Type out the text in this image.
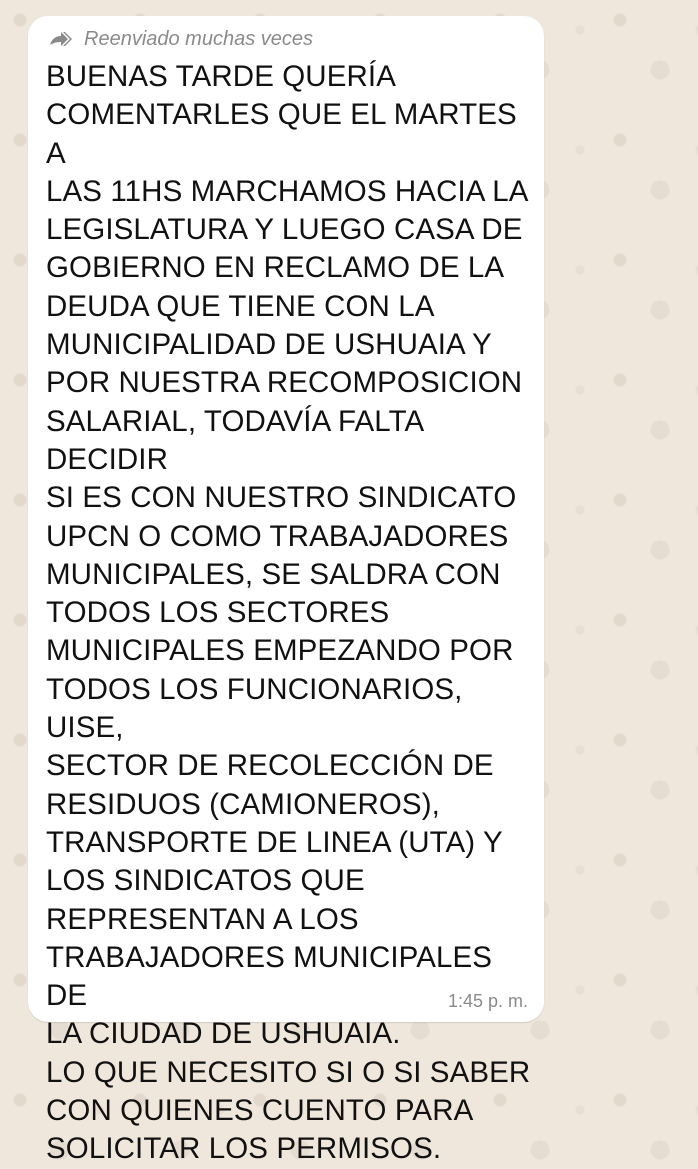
Reenviado muchas veces

BUENAS TARDE QUERÍA
COMENTARLES QUE EL MARTES A
LAS 11HS MARCHAMOS HACIA LA
LEGISLATURA Y LUEGO CASA DE
GOBIERNO EN RECLAMO DE LA
DEUDA QUE TIENE CON LA
MUNICIPALIDAD DE USHUAIA Y
POR NUESTRA RECOMPOSICION
SALARIAL, TODAVÍA FALTA DECIDIR
SI ES CON NUESTRO SINDICATO
UPCN O COMO TRABAJADORES
MUNICIPALES, SE SALDRA CON
TODOS LOS SECTORES
MUNICIPALES EMPEZANDO POR
TODOS LOS FUNCIONARIOS, UISE,
SECTOR DE RECOLECCIÓN DE
RESIDUOS (CAMIONEROS),
TRANSPORTE DE LINEA (UTA) Y
LOS SINDICATOS QUE
REPRESENTAN A LOS
TRABAJADORES MUNICIPALES DE
LA CIUDAD DE USHUAIA.
LO QUE NECESITO SI O SI SABER
CON QUIENES CUENTO PARA
SOLICITAR LOS PERMISOS.

1:45 p. m.
